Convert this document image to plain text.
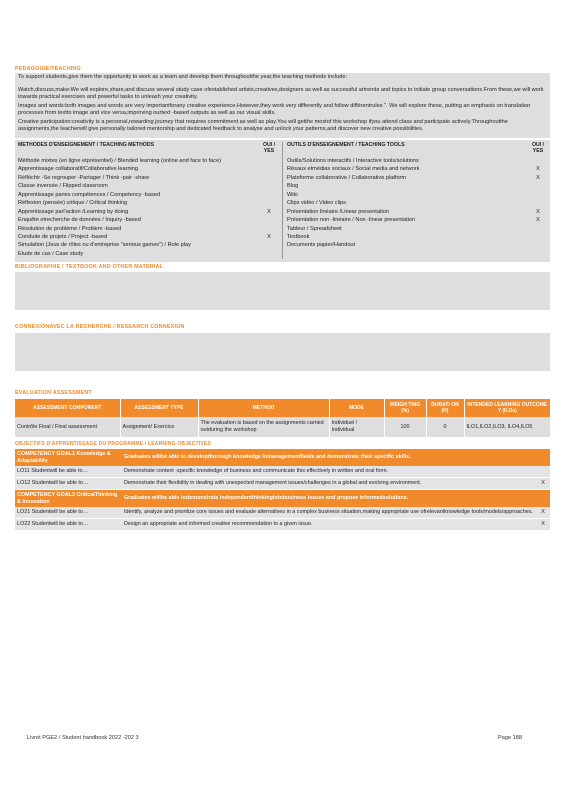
PEDAGOGIE/TEACHING
To support students,give them the opportunity to work as a team and develop them throughoutthe year,the teaching methods include:
Watch,discuss,make:We will explore,share,and discuss several study case ofestablished artists,creatives,designers as well as successful artrends and topics to initiate group conversations.From these,we will work towards practical exercises and powerful tasks to unleash your creativity.
Images and words:both images and words are very importantforany creative experience.However,they work very differently and follow différentrules ". We will explore these, putting an emphasis on translation processes from textto image and vice versa,improving ourtext -based outputs as well as our visual skills.
Creative participation:creativity is a personal,rewarding journey that requires commitment as well as play.You will getthe mostof this workshop ifyou attend class and participate actively.Throughoutthe assignments,the teacherwill give personally tailored mentorship and dedicated feedback to analyse and unlock your patterns,and discover new creative possibilities.
METHODES D'ENSEIGNEMENT / TEACHING METHODS	OUI / YES
Méthode mixtes (en ligne etprésentiel) / Blended learning (online and face to face)
Apprentissage collaboratif/Collaborative learning
Réfléchir -Se regrouper -Partager / Think -pair -share
Classe inversée / Flipped classroom
Apprentissage paries compétences / Competency -based
Réflexion (pensée) critique / Critical thinking
Apprentissage parl'action /Learning by doing	X
Enquête etrecherche de données / Inquiry -based
Résolution de problème / Problem -based
Conduite de projets / Project -based	X
Simulation (Jeux de rôles ou d'entreprise "serious games") / Role play
Etude de cas / Case study
OUTILS D'ENSEIGNEMENT / TEACHING TOOLS	OUI / YES
Outils/Solutions interactifs / Interactive tools/solutions
Résaux etmédias sociaux / Social media and network	X
Plateforme collaborative / Collaborative platform	X
Blog
Wiki
Clips vidéo / Video clips
Présentation linéaire /Linear presentation	X
Présentation non -linéaire / Non -linear presentation	X
Tableur / Spreadsheet
Textbook
Documents papier/Handout
BIBLIOGRAPHIE / TEXTBOOK AND OTHER MATERIAL
CONNEXIONAVEC LA RECHERCHE / RESEARCH CONNEXION
EVALUATION ASSESSMENT
ASSESSMENT COMPONENT	ASSESSMENT TYPE	METHOD	MODE	WEIGH TING (%)	DURATI ON (H)	INTENDED LEARNING OUTCOME Y (ILOs)
Contrôle Final / Final assessment	Assignment/ Exercice	The evaluation is based on the assignments carried outduring the workshop	Individuel / Individual	100	0	ILO1,ILO2,ILO3, ILO4,ILO5
OBJECTIFS D'APPRENTISSAGE DU PROGRAMME / LEARNING OBJECTIVES
COMPETENCY GOAL1 Knowledge & Adaptability	Graduates willbe able to developthorough knowledge inmanagementfields and demonstrate their specific skills.	
LO11 Studentwill be able to…	Demonstrate context -specific knowledge of business and communicate this effectively in written and oral form.	
LO12 Studentwill be able to…	Demonstrate their flexibility in dealing with unexpected management issues/challenges in a global and evolving environment.	X
COMPETENCY GOAL2 CriticalThinking & Innovation	Graduates willbe able todemonstrate independentthinkingintobusiness issues and propose informedsolutions.	
LO21 Studentwill be able to…	Identify, analyze and prioritize core issues and evaluate alternatives in a complex business situation,making appropriate use ofrelevantknowledge tools/models/approaches.	X
LO22 Studentwill be able to…	Design an appropriate and informed creative recommendation to a given issue.	X
Livret PGE2 / Student handbook 2022 -202 3	Page 188
